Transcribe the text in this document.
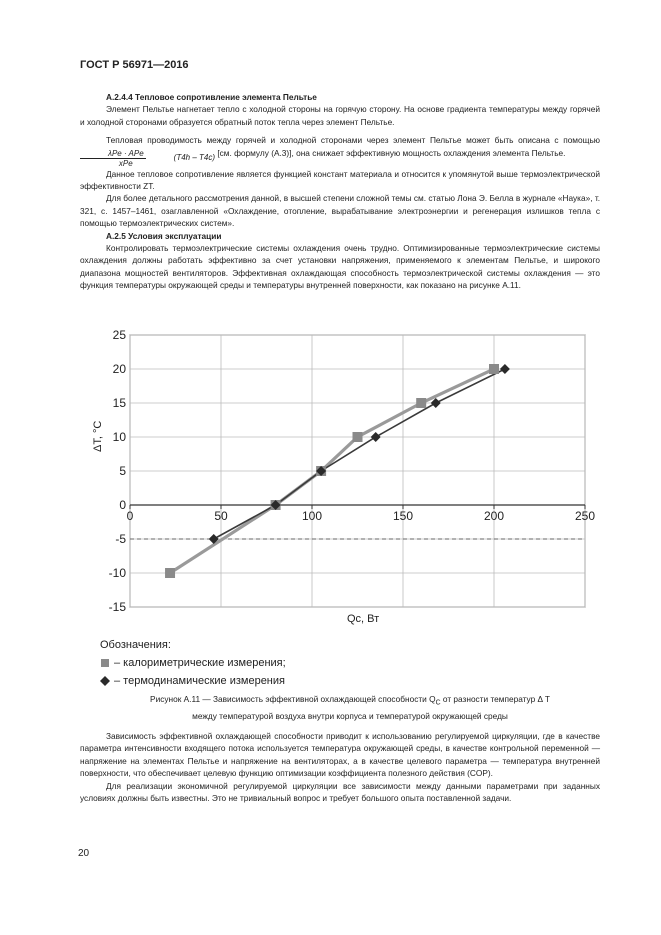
ГОСТ Р 56971—2016
А.2.4.4 Тепловое сопротивление элемента Пельтье

Элемент Пельтье нагнетает тепло с холодной стороны на горячую сторону. На основе градиента температуры между горячей и холодной сторонами образуется обратный поток тепла через элемент Пельтье.

Тепловая проводимость между горячей и холодной сторонами через элемент Пельтье может быть описана с помощью
$\frac{\text{λPe · APe}}{\text{xPe}}$	(T4h – T4c) [см. формулу (А.3)], она снижает эффективную мощность охлаждения элемента Пельтье.

Данное тепловое сопротивление является функцией констант материала и относится к упомянутой выше термоэлектрической эффективности ZT.

Для более детального рассмотрения данной, в высшей степени сложной темы см. статью Лона Э. Белла в журнале «Наука», т. 321, с. 1457–1461, озаглавленной «Охлаждение, отопление, вырабатывание электроэнергии и регенерация излишков тепла с помощью термоэлектрических систем».

А.2.5 Условия эксплуатации

Контролировать термоэлектрические системы охлаждения очень трудно. Оптимизированные термоэлектрические системы охлаждения должны работать эффективно за счет установки напряжения, применяемого к элементам Пельтье, и широкого диапазона мощностей вентиляторов. Эффективная охлаждающая способность термоэлектрической системы охлаждения — это функция температуры окружающей среды и температуры внутренней поверхности, как показано на рисунке А.11.

25
20
15
10
5
0
-5
-10
-15
0	50	100	150	200	250
ΔT, °C
Qc, Вт
Обозначения:
– калориметрические измерения;
– термодинамические измерения
Рисунок А.11 — Зависимость эффективной охлаждающей способности $Q_C$ от разности температур Δ T
между температурой воздуха внутри корпуса и температурой окружающей среды

Зависимость эффективной охлаждающей способности приводит к использованию регулируемой циркуляции, где в качестве параметра интенсивности входящего потока используется температура окружающей среды, в качестве контрольной переменной — напряжение на элементах Пельтье и напряжение на вентиляторах, а в качестве целевого параметра — температура внутренней поверхности, что обеспечивает целевую функцию оптимизации коэффициента полезного действия (COP).

Для реализации экономичной регулируемой циркуляции все зависимости между данными параметрами при заданных условиях должны быть известны. Это не тривиальный вопрос и требует большого опыта поставленной задачи.

20
